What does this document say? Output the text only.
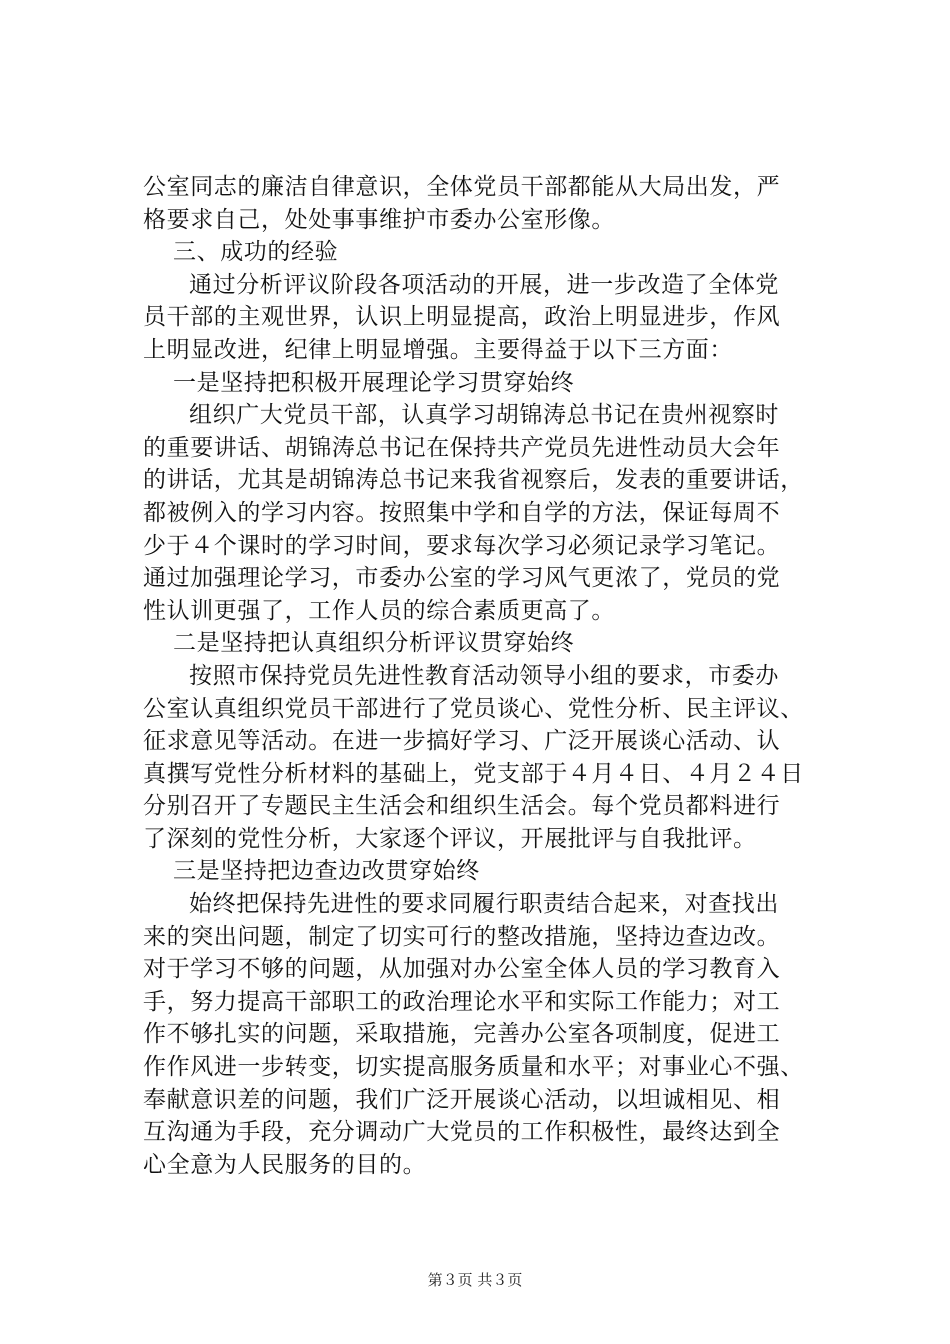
公室同志的廉洁自律意识，全体党员干部都能从大局出发，严
格要求自己，处处事事维护市委办公室形像。
三、成功的经验
通过分析评议阶段各项活动的开展，进一步改造了全体党
员干部的主观世界，认识上明显提高，政治上明显进步，作风
上明显改进，纪律上明显增强。主要得益于以下三方面：
一是坚持把积极开展理论学习贯穿始终
组织广大党员干部，认真学习胡锦涛总书记在贵州视察时
的重要讲话、胡锦涛总书记在保持共产党员先进性动员大会年
的讲话，尤其是胡锦涛总书记来我省视察后，发表的重要讲话，
都被例入的学习内容。按照集中学和自学的方法，保证每周不
少于４个课时的学习时间，要求每次学习必须记录学习笔记。
通过加强理论学习，市委办公室的学习风气更浓了，党员的党
性认训更强了，工作人员的综合素质更高了。
二是坚持把认真组织分析评议贯穿始终
按照市保持党员先进性教育活动领导小组的要求，市委办
公室认真组织党员干部进行了党员谈心、党性分析、民主评议、
征求意见等活动。在进一步搞好学习、广泛开展谈心活动、认
真撰写党性分析材料的基础上，党支部于４月４日、４月２４日
分别召开了专题民主生活会和组织生活会。每个党员都料进行
了深刻的党性分析，大家逐个评议，开展批评与自我批评。
三是坚持把边查边改贯穿始终
始终把保持先进性的要求同履行职责结合起来，对查找出
来的突出问题，制定了切实可行的整改措施，坚持边查边改。
对于学习不够的问题，从加强对办公室全体人员的学习教育入
手，努力提高干部职工的政治理论水平和实际工作能力；对工
作不够扎实的问题，采取措施，完善办公室各项制度，促进工
作作风进一步转变，切实提高服务质量和水平；对事业心不强、
奉献意识差的问题，我们广泛开展谈心活动，以坦诚相见、相
互沟通为手段，充分调动广大党员的工作积极性，最终达到全
心全意为人民服务的目的。
第３页 共３页
